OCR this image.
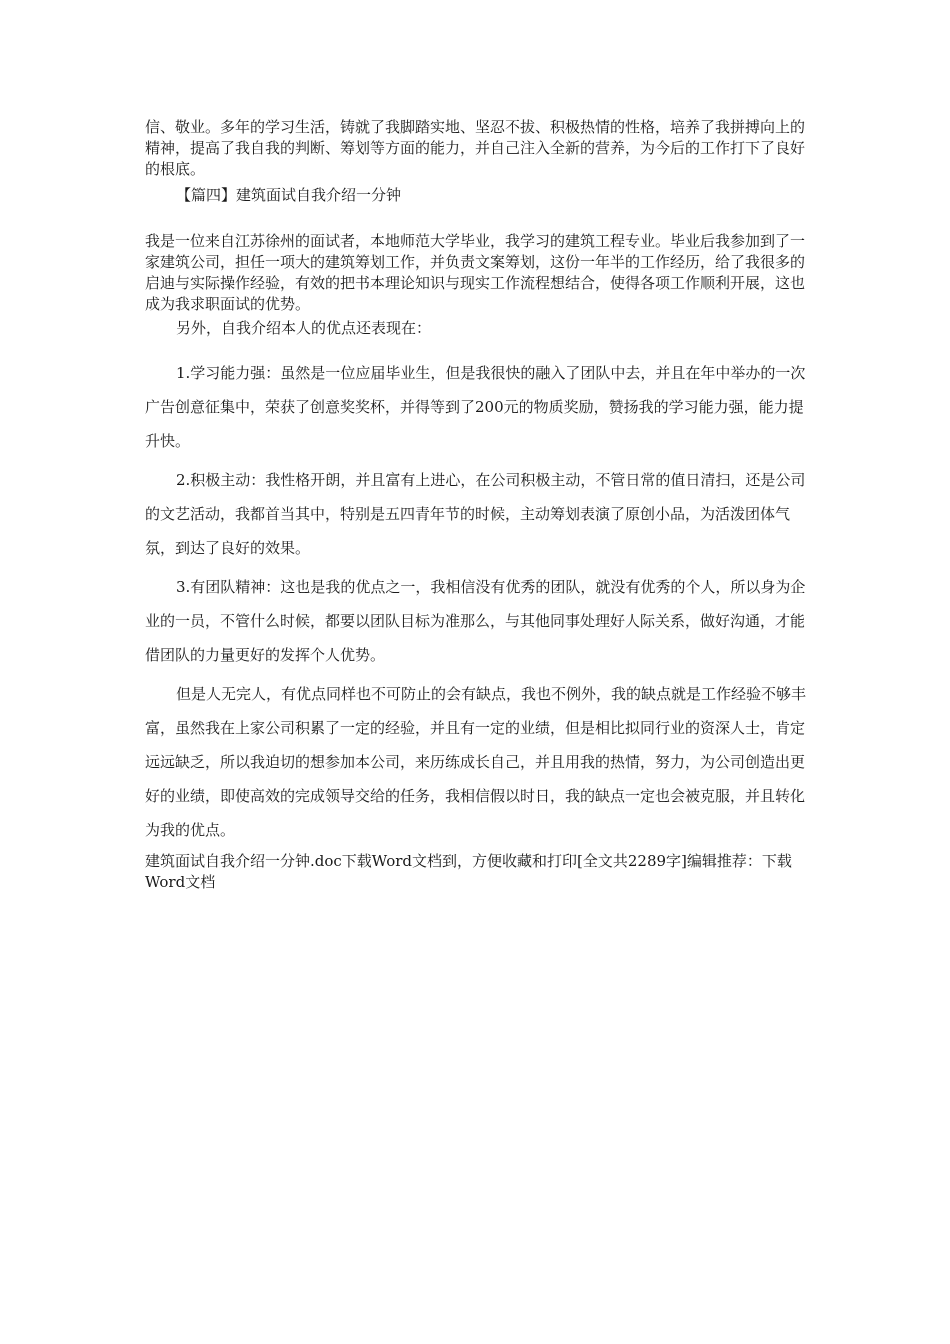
信、敬业。多年的学习生活，铸就了我脚踏实地、坚忍不拔、积极热情的性格，培养了我拼搏向上的精神，提高了我自我的判断、筹划等方面的能力，并自己注入全新的营养，为今后的工作打下了良好的根底。

【篇四】建筑面试自我介绍一分钟

我是一位来自江苏徐州的面试者，本地师范大学毕业，我学习的建筑工程专业。毕业后我参加到了一家建筑公司，担任一项大的建筑筹划工作，并负责文案筹划，这份一年半的工作经历，给了我很多的启迪与实际操作经验，有效的把书本理论知识与现实工作流程想结合，使得各项工作顺利开展，这也成为我求职面试的优势。

另外，自我介绍本人的优点还表现在：

1.学习能力强：虽然是一位应届毕业生，但是我很快的融入了团队中去，并且在年中举办的一次广告创意征集中，荣获了创意奖奖杯，并得等到了200元的物质奖励，赞扬我的学习能力强，能力提升快。

2.积极主动：我性格开朗，并且富有上进心，在公司积极主动，不管日常的值日清扫，还是公司的文艺活动，我都首当其中，特别是五四青年节的时候，主动筹划表演了原创小品，为活泼团体气氛，到达了良好的效果。

3.有团队精神：这也是我的优点之一，我相信没有优秀的团队，就没有优秀的个人，所以身为企业的一员，不管什么时候，都要以团队目标为准那么，与其他同事处理好人际关系，做好沟通，才能借团队的力量更好的发挥个人优势。

但是人无完人，有优点同样也不可防止的会有缺点，我也不例外，我的缺点就是工作经验不够丰富，虽然我在上家公司积累了一定的经验，并且有一定的业绩，但是相比拟同行业的资深人士，肯定远远缺乏，所以我迫切的想参加本公司，来历练成长自己，并且用我的热情，努力，为公司创造出更好的业绩，即使高效的完成领导交给的任务，我相信假以时日，我的缺点一定也会被克服，并且转化为我的优点。

建筑面试自我介绍一分钟.doc下载Word文档到，方便收藏和打印[全文共2289字]编辑推荐：下载Word文档
